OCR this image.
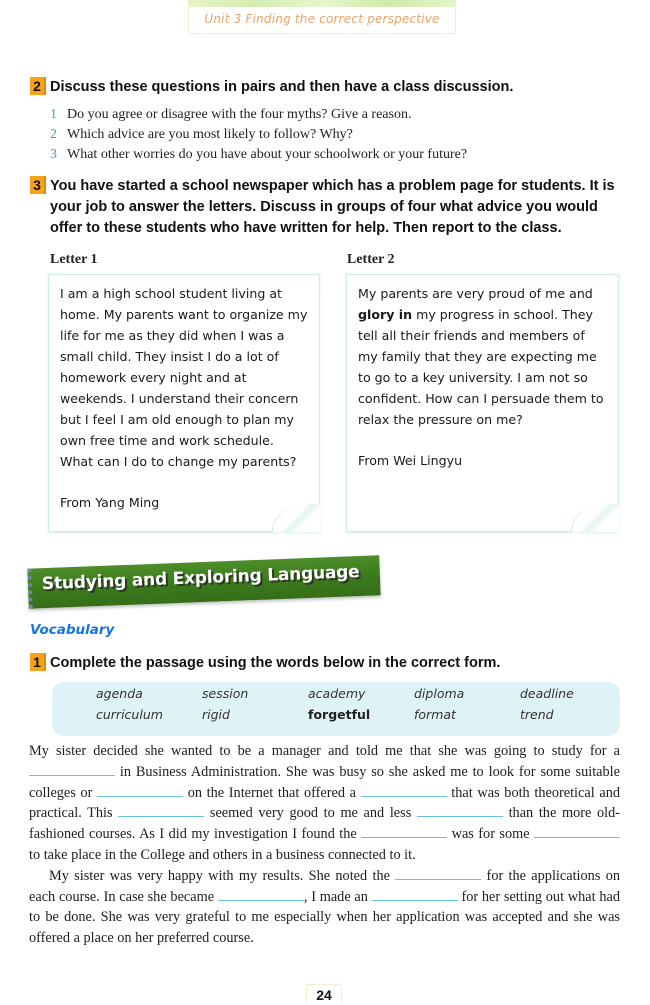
Unit 3 Finding the correct perspective
2 Discuss these questions in pairs and then have a class discussion.
1 Do you agree or disagree with the four myths? Give a reason.
2 Which advice are you most likely to follow? Why?
3 What other worries do you have about your schoolwork or your future?
3 You have started a school newspaper which has a problem page for students. It is your job to answer the letters. Discuss in groups of four what advice you would offer to these students who have written for help. Then report to the class.
Letter 1
I am a high school student living at home. My parents want to organize my life for me as they did when I was a small child. They insist I do a lot of homework every night and at weekends. I understand their concern but I feel I am old enough to plan my own free time and work schedule. What can I do to change my parents?
From Yang Ming
Letter 2
My parents are very proud of me and glory in my progress in school. They tell all their friends and members of my family that they are expecting me to go to a key university. I am not so confident. How can I persuade them to relax the pressure on me?
From Wei Lingyu
Studying and Exploring Language
Vocabulary
1 Complete the passage using the words below in the correct form.
agenda	session	academy	diploma	deadline
curriculum	rigid	forgetful	format	trend

My sister decided she wanted to be a manager and told me that she was going to study for a  in Business Administration. She was busy so she asked me to look for some suitable colleges or	on the Internet that offered a	that was both theoretical and practical. This	seemed very good to me and less	than the more old-fashioned courses. As I did my investigation I found the	was for some  to take place in the College and others in a business connected to it.

My sister was very happy with my results. She noted the	for the applications on each course. In case she became	, I made an	for her setting out what had to be done. She was very grateful to me especially when her application was accepted and she was offered a place on her preferred course.

24
